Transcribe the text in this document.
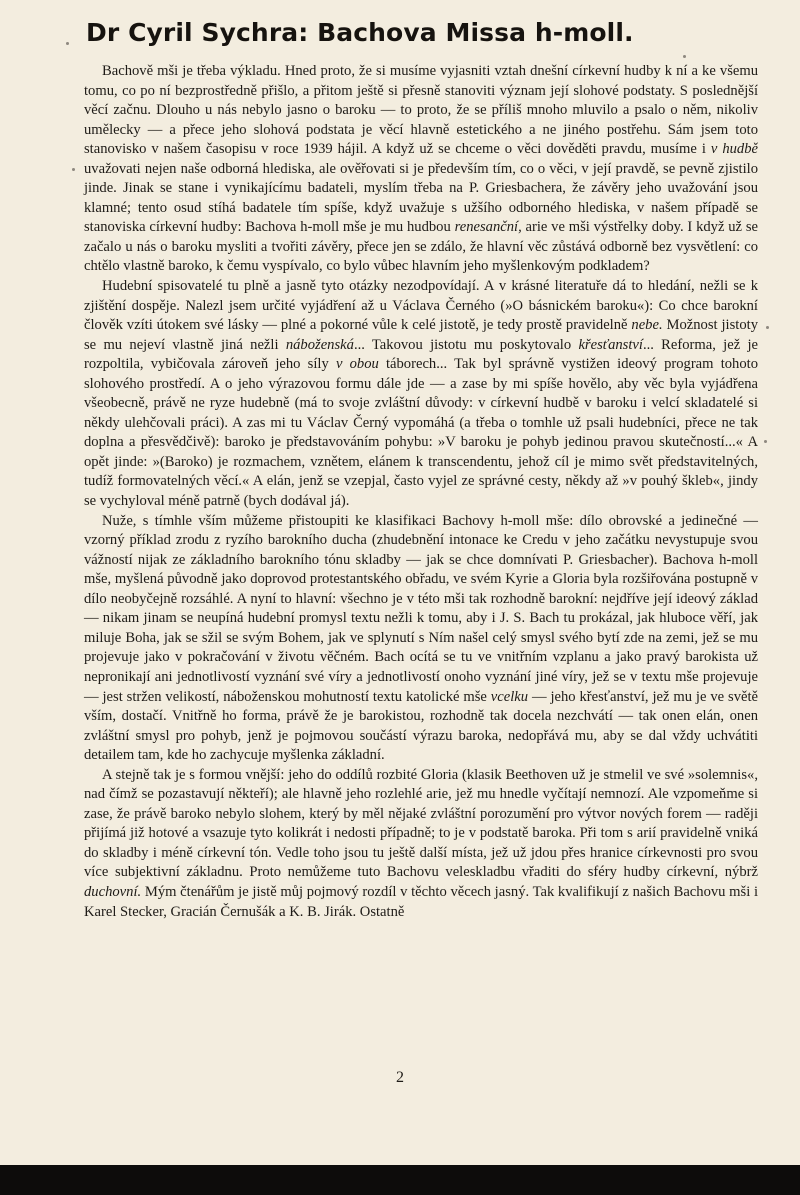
Dr Cyril Sychra: Bachova Missa h-moll.

Bachově mši je třeba výkladu. Hned proto, že si musíme vyjasniti vztah dnešní církevní hudby k ní a ke všemu tomu, co po ní bezprostředně přišlo, a přitom ještě si přesně stanoviti význam její slohové podstaty. S poslednější věcí začnu. Dlouho u nás nebylo jasno o baroku — to proto, že se příliš mnoho mluvilo a psalo o něm, nikoliv umělecky — a přece jeho slohová podstata je věcí hlavně estetického a ne jiného postřehu. Sám jsem toto stanovisko v našem časopisu v roce 1939 hájil. A když už se chceme o věci dověděti pravdu, musíme i v hudbě uvažovati nejen naše odborná hlediska, ale ověřovati si je především tím, co o věci, v její pravdě, se pevně zjistilo jinde. Jinak se stane i vynikajícímu badateli, myslím třeba na P. Griesbachera, že závěry jeho uvažování jsou klamné; tento osud stíhá badatele tím spíše, když uvažuje s užšího odborného hlediska, v našem případě se stanoviska církevní hudby: Bachova h-moll mše je mu hudbou renesanční, arie ve mši výstřelky doby. I když už se začalo u nás o baroku mysliti a tvořiti závěry, přece jen se zdálo, že hlavní věc zůstává odborně bez vysvětlení: co chtělo vlastně baroko, k čemu vyspívalo, co bylo vůbec hlavním jeho myšlenkovým podkladem?

Hudební spisovatelé tu plně a jasně tyto otázky nezodpovídají. A v krásné literatuře dá to hledání, nežli se k zjištění dospěje. Nalezl jsem určité vyjádření až u Václava Černého (»O básnickém baroku«): Co chce barokní člověk vzíti útokem své lásky — plné a pokorné vůle k celé jistotě, je tedy prostě pravidelně nebe. Možnost jistoty se mu nejeví vlastně jiná nežli náboženská... Takovou jistotu mu poskytovalo křesťanství... Reforma, jež je rozpoltila, vybičovala zároveň jeho síly v obou táborech... Tak byl správně vystižen ideový program tohoto slohového prostředí. A o jeho výrazovou formu dále jde — a zase by mi spíše hovělo, aby věc byla vyjádřena všeobecně, právě ne ryze hudebně (má to svoje zvláštní důvody: v církevní hudbě v baroku i velcí skladatelé si někdy ulehčovali práci). A zas mi tu Václav Černý vypomáhá (a třeba o tomhle už psali hudebníci, přece ne tak doplna a přesvědčivě): baroko je představováním pohybu: »V baroku je pohyb jedinou pravou skutečností...« A opět jinde: »(Baroko) je rozmachem, vznětem, elánem k transcendentu, jehož cíl je mimo svět představitelných, tudíž formovatelných věcí.« A elán, jenž se vzepjal, často vyjel ze správné cesty, někdy až »v pouhý škleb«, jindy se vychyloval méně patrně (bych dodával já).

Nuže, s tímhle vším můžeme přistoupiti ke klasifikaci Bachovy h-moll mše: dílo obrovské a jedinečné — vzorný příklad zrodu z ryzího barokního ducha (zhudebnění intonace ke Credu v jeho začátku nevystupuje svou vážností nijak ze základního barokního tónu skladby — jak se chce domnívati P. Griesbacher). Bachova h-moll mše, myšlená původně jako doprovod protestantského obřadu, ve svém Kyrie a Gloria byla rozšiřována postupně v dílo neobyčejně rozsáhlé. A nyní to hlavní: všechno je v této mši tak rozhodně barokní: nejdříve její ideový základ — nikam jinam se neupíná hudební promysl textu nežli k tomu, aby i J. S. Bach tu prokázal, jak hluboce věří, jak miluje Boha, jak se sžil se svým Bohem, jak ve splynutí s Ním našel celý smysl svého bytí zde na zemi, jež se mu projevuje jako v pokračování v životu věčném. Bach ocítá se tu ve vnitřním vzplanu a jako pravý barokista už nepronikají ani jednotlivostí vyznání své víry a jednotlivostí onoho vyznání jiné víry, jež se v textu mše projevuje — jest stržen velikostí, náboženskou mohutností textu katolické mše vcelku — jeho křesťanství, jež mu je ve světě vším, dostačí. Vnitřně ho forma, právě že je barokistou, rozhodně tak docela nezchvátí — tak onen elán, onen zvláštní smysl pro pohyb, jenž je pojmovou součástí výrazu baroka, nedopřává mu, aby se dal vždy uchvátiti detailem tam, kde ho zachycuje myšlenka základní.

A stejně tak je s formou vnější: jeho do oddílů rozbité Gloria (klasik Beethoven už je stmelil ve své »solemnis«, nad čímž se pozastavují někteří); ale hlavně jeho rozlehlé arie, jež mu hnedle vyčítají nemnozí. Ale vzpomeňme si zase, že právě baroko nebylo slohem, který by měl nějaké zvláštní porozumění pro výtvor nových forem — raději přijímá již hotové a vsazuje tyto kolikrát i nedosti případně; to je v podstatě baroka. Při tom s arií pravidelně vniká do skladby i méně církevní tón. Vedle toho jsou tu ještě další místa, jež už jdou přes hranice církevnosti pro svou více subjektivní základnu. Proto nemůžeme tuto Bachovu veleskladbu vřaditi do sféry hudby církevní, nýbrž duchovní. Mým čtenářům je jistě můj pojmový rozdíl v těchto věcech jasný. Tak kvalifikují z našich Bachovu mši i Karel Stecker, Gracián Černušák a K. B. Jirák. Ostatně

2
